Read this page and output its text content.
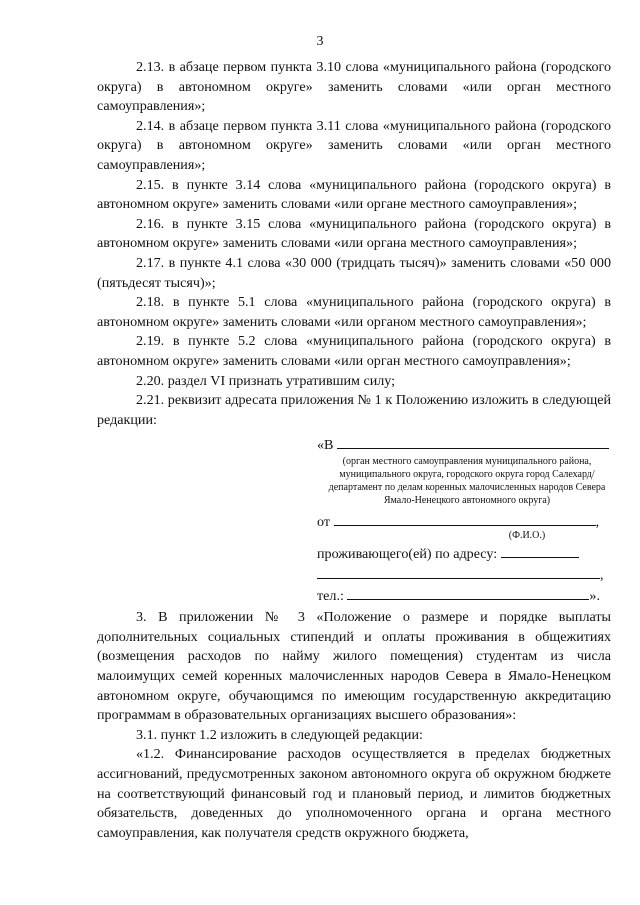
3

2.13. в абзаце первом пункта 3.10 слова «муниципального района (городского округа) в автономном округе» заменить словами «или орган местного самоуправления»;

2.14. в абзаце первом пункта 3.11 слова «муниципального района (городского округа) в автономном округе» заменить словами «или орган местного самоуправления»;

2.15. в пункте 3.14 слова «муниципального района (городского округа) в автономном округе» заменить словами «или органе местного самоуправления»;

2.16. в пункте 3.15 слова «муниципального района (городского округа) в автономном округе» заменить словами «или органа местного самоуправления»;

2.17. в пункте 4.1 слова «30 000 (тридцать тысяч)» заменить словами «50 000 (пятьдесят тысяч)»;

2.18. в пункте 5.1 слова «муниципального района (городского округа) в автономном округе» заменить словами «или органом местного самоуправления»;

2.19. в пункте 5.2 слова «муниципального района (городского округа) в автономном округе» заменить словами «или орган местного самоуправления»;

2.20. раздел VI признать утратившим силу;

2.21. реквизит адресата приложения № 1 к Положению изложить в следующей редакции:

«В
(орган местного самоуправления муниципального района, муниципального округа, городского округа город Салехард/ департамент по делам коренных малочисленных народов Севера Ямало-Ненецкого автономного округа)
от	,
(Ф.И.О.)
проживающего(ей) по адресу:
,
тел.:	».

3. В приложении № 3 «Положение о размере и порядке выплаты дополнительных социальных стипендий и оплаты проживания в общежитиях (возмещения расходов по найму жилого помещения) студентам из числа малоимущих семей коренных малочисленных народов Севера в Ямало-Ненецком автономном округе, обучающимся по имеющим государственную аккредитацию программам в образовательных организациях высшего образования»:

3.1. пункт 1.2 изложить в следующей редакции:

«1.2. Финансирование расходов осуществляется в пределах бюджетных ассигнований, предусмотренных законом автономного округа об окружном бюджете на соответствующий финансовый год и плановый период, и лимитов бюджетных обязательств, доведенных до уполномоченного органа и органа местного самоуправления, как получателя средств окружного бюджета,
